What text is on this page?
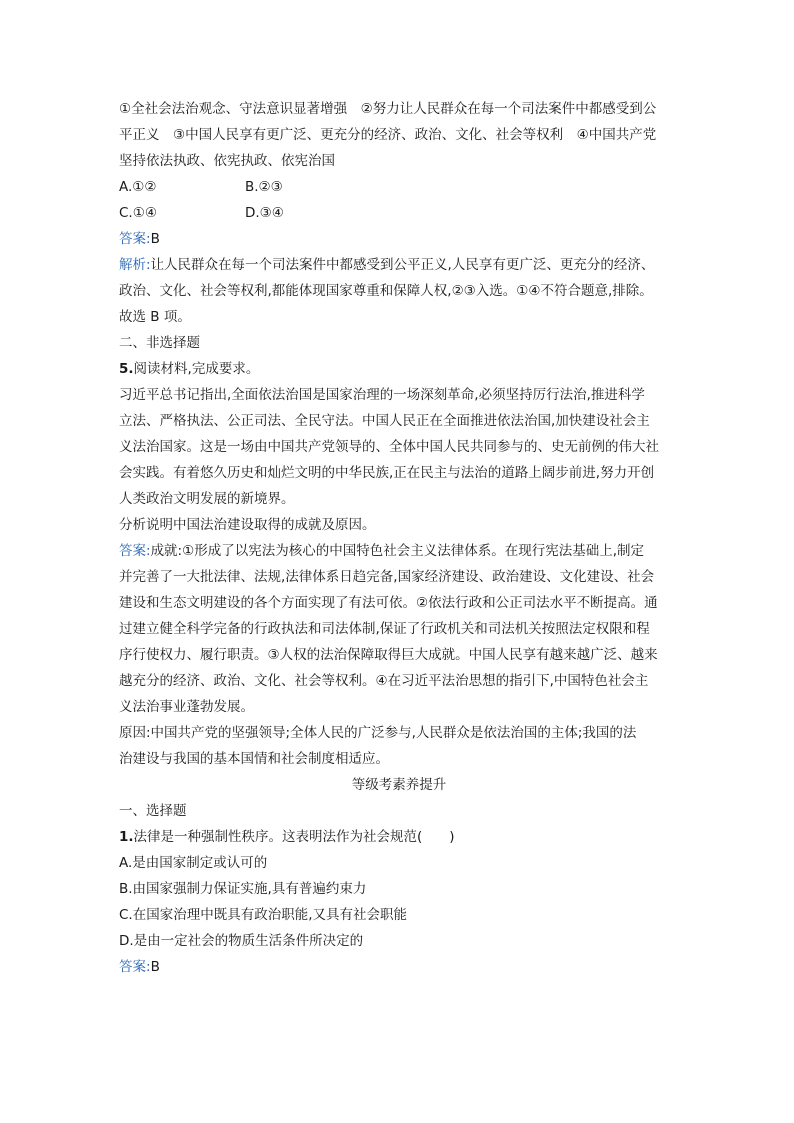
①全社会法治观念、守法意识显著增强　②努力让人民群众在每一个司法案件中都感受到公
平正义　③中国人民享有更广泛、更充分的经济、政治、文化、社会等权利　④中国共产党
坚持依法执政、依宪执政、依宪治国
A.①②	B.②③
C.①④	D.③④
答案:B
解析:让人民群众在每一个司法案件中都感受到公平正义,人民享有更广泛、更充分的经济、
政治、文化、社会等权利,都能体现国家尊重和保障人权,②③入选。①④不符合题意,排除。
故选 B 项。
二、非选择题
5.阅读材料,完成要求。
习近平总书记指出,全面依法治国是国家治理的一场深刻革命,必须坚持厉行法治,推进科学
立法、严格执法、公正司法、全民守法。中国人民正在全面推进依法治国,加快建设社会主
义法治国家。这是一场由中国共产党领导的、全体中国人民共同参与的、史无前例的伟大社
会实践。有着悠久历史和灿烂文明的中华民族,正在民主与法治的道路上阔步前进,努力开创
人类政治文明发展的新境界。
分析说明中国法治建设取得的成就及原因。
答案:成就:①形成了以宪法为核心的中国特色社会主义法律体系。在现行宪法基础上,制定
并完善了一大批法律、法规,法律体系日趋完备,国家经济建设、政治建设、文化建设、社会
建设和生态文明建设的各个方面实现了有法可依。②依法行政和公正司法水平不断提高。通
过建立健全科学完备的行政执法和司法体制,保证了行政机关和司法机关按照法定权限和程
序行使权力、履行职责。③人权的法治保障取得巨大成就。中国人民享有越来越广泛、越来
越充分的经济、政治、文化、社会等权利。④在习近平法治思想的指引下,中国特色社会主
义法治事业蓬勃发展。
原因:中国共产党的坚强领导;全体人民的广泛参与,人民群众是依法治国的主体;我国的法
治建设与我国的基本国情和社会制度相适应。
等级考素养提升
一、选择题
1.法律是一种强制性秩序。这表明法作为社会规范(　　)
A.是由国家制定或认可的
B.由国家强制力保证实施,具有普遍约束力
C.在国家治理中既具有政治职能,又具有社会职能
D.是由一定社会的物质生活条件所决定的
答案:B
